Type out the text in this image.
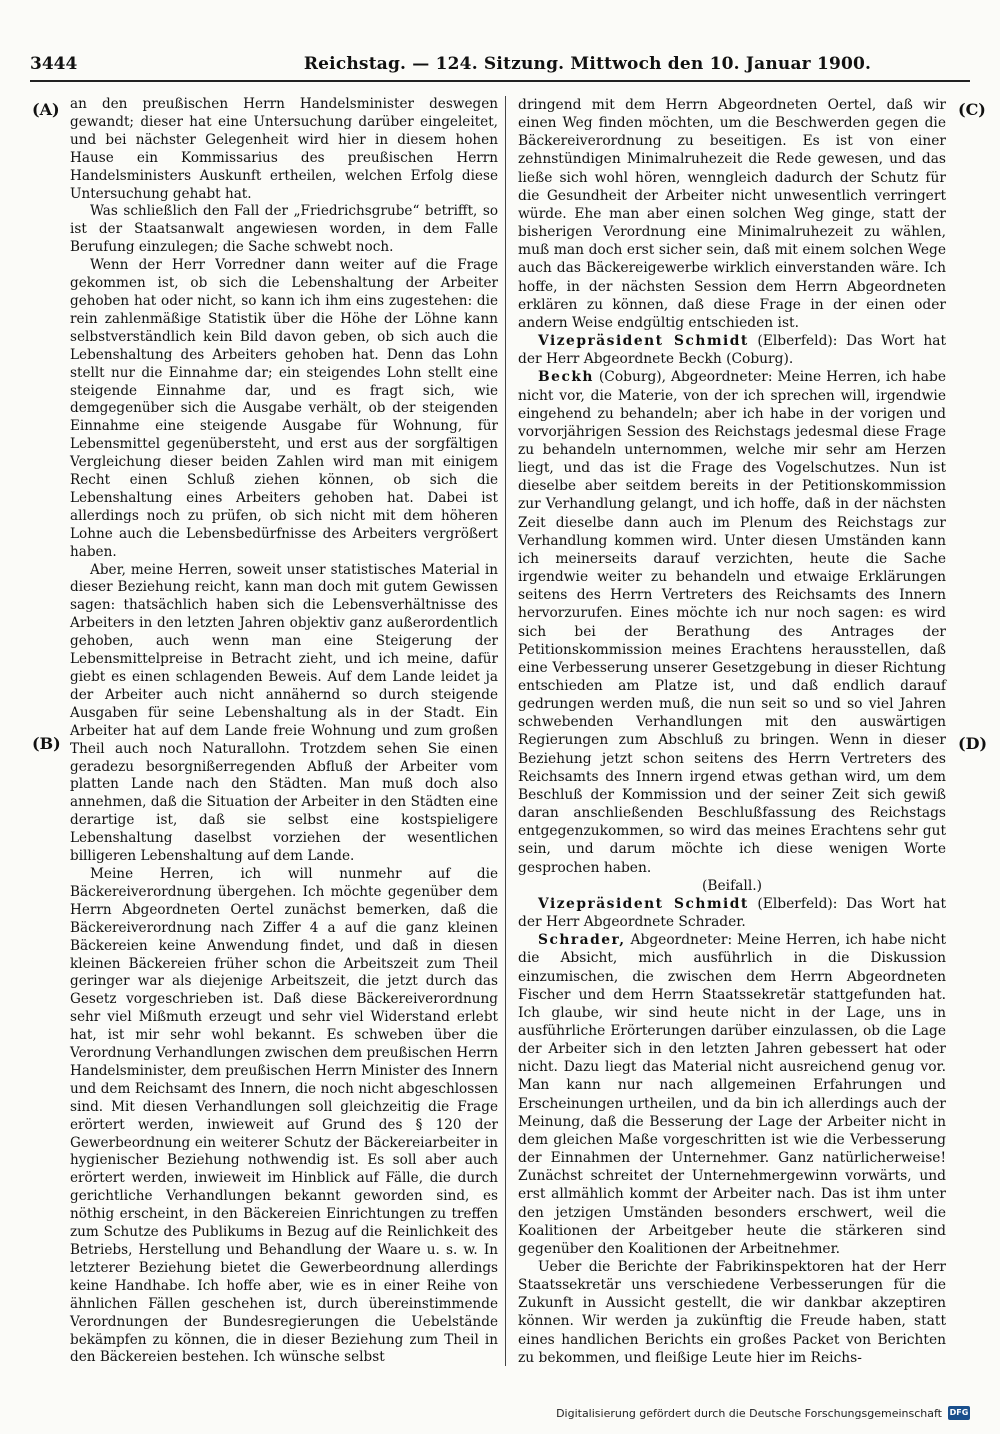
3444	Reichstag. — 124. Sitzung. Mittwoch den 10. Januar 1900.
(A)
(B)
(C)
(D)

an den preußischen Herrn Handelsminister deswegen gewandt; dieser hat eine Untersuchung darüber eingeleitet, und bei nächster Gelegenheit wird hier in diesem hohen Hause ein Kommissarius des preußischen Herrn Handelsministers Auskunft ertheilen, welchen Erfolg diese Untersuchung gehabt hat.

Was schließlich den Fall der „Friedrichsgrube“ betrifft, so ist der Staatsanwalt angewiesen worden, in dem Falle Berufung einzulegen; die Sache schwebt noch.

Wenn der Herr Vorredner dann weiter auf die Frage gekommen ist, ob sich die Lebenshaltung der Arbeiter gehoben hat oder nicht, so kann ich ihm eins zugestehen: die rein zahlenmäßige Statistik über die Höhe der Löhne kann selbstverständlich kein Bild davon geben, ob sich auch die Lebenshaltung des Arbeiters gehoben hat. Denn das Lohn stellt nur die Einnahme dar; ein steigendes Lohn stellt eine steigende Einnahme dar, und es fragt sich, wie demgegenüber sich die Ausgabe verhält, ob der steigenden Einnahme eine steigende Ausgabe für Wohnung, für Lebensmittel gegenübersteht, und erst aus der sorgfältigen Vergleichung dieser beiden Zahlen wird man mit einigem Recht einen Schluß ziehen können, ob sich die Lebenshaltung eines Arbeiters gehoben hat. Dabei ist allerdings noch zu prüfen, ob sich nicht mit dem höheren Lohne auch die Lebensbedürfnisse des Arbeiters vergrößert haben.

Aber, meine Herren, soweit unser statistisches Material in dieser Beziehung reicht, kann man doch mit gutem Gewissen sagen: thatsächlich haben sich die Lebensverhältnisse des Arbeiters in den letzten Jahren objektiv ganz außerordentlich gehoben, auch wenn man eine Steigerung der Lebensmittelpreise in Betracht zieht, und ich meine, dafür giebt es einen schlagenden Beweis. Auf dem Lande leidet ja der Arbeiter auch nicht annähernd so durch steigende Ausgaben für seine Lebenshaltung als in der Stadt. Ein Arbeiter hat auf dem Lande freie Wohnung und zum großen Theil auch noch Naturallohn. Trotzdem sehen Sie einen geradezu besorgnißerregenden Abfluß der Arbeiter vom platten Lande nach den Städten. Man muß doch also annehmen, daß die Situation der Arbeiter in den Städten eine derartige ist, daß sie selbst eine kostspieligere Lebenshaltung daselbst vorziehen der wesentlichen billigeren Lebenshaltung auf dem Lande.

Meine Herren, ich will nunmehr auf die Bäckereiverordnung übergehen. Ich möchte gegenüber dem Herrn Abgeordneten Oertel zunächst bemerken, daß die Bäckereiverordnung nach Ziffer 4 a auf die ganz kleinen Bäckereien keine Anwendung findet, und daß in diesen kleinen Bäckereien früher schon die Arbeitszeit zum Theil geringer war als diejenige Arbeitszeit, die jetzt durch das Gesetz vorgeschrieben ist. Daß diese Bäckereiverordnung sehr viel Mißmuth erzeugt und sehr viel Widerstand erlebt hat, ist mir sehr wohl bekannt. Es schweben über die Verordnung Verhandlungen zwischen dem preußischen Herrn Handelsminister, dem preußischen Herrn Minister des Innern und dem Reichsamt des Innern, die noch nicht abgeschlossen sind. Mit diesen Verhandlungen soll gleichzeitig die Frage erörtert werden, inwieweit auf Grund des § 120 der Gewerbeordnung ein weiterer Schutz der Bäckereiarbeiter in hygienischer Beziehung nothwendig ist. Es soll aber auch erörtert werden, inwieweit im Hinblick auf Fälle, die durch gerichtliche Verhandlungen bekannt geworden sind, es nöthig erscheint, in den Bäckereien Einrichtungen zu treffen zum Schutze des Publikums in Bezug auf die Reinlichkeit des Betriebs, Herstellung und Behandlung der Waare u. s. w. In letzterer Beziehung bietet die Gewerbeordnung allerdings keine Handhabe. Ich hoffe aber, wie es in einer Reihe von ähnlichen Fällen geschehen ist, durch übereinstimmende Verordnungen der Bundesregierungen die Uebelstände bekämpfen zu können, die in dieser Beziehung zum Theil in den Bäckereien bestehen. Ich wünsche selbst

dringend mit dem Herrn Abgeordneten Oertel, daß wir einen Weg finden möchten, um die Beschwerden gegen die Bäckereiverordnung zu beseitigen. Es ist von einer zehnstündigen Minimalruhezeit die Rede gewesen, und das ließe sich wohl hören, wenngleich dadurch der Schutz für die Gesundheit der Arbeiter nicht unwesentlich verringert würde. Ehe man aber einen solchen Weg ginge, statt der bisherigen Verordnung eine Minimalruhezeit zu wählen, muß man doch erst sicher sein, daß mit einem solchen Wege auch das Bäckereigewerbe wirklich einverstanden wäre. Ich hoffe, in der nächsten Session dem Herrn Abgeordneten erklären zu können, daß diese Frage in der einen oder andern Weise endgültig entschieden ist.

Vizepräsident Schmidt (Elberfeld): Das Wort hat der Herr Abgeordnete Beckh (Coburg).

Beckh (Coburg), Abgeordneter: Meine Herren, ich habe nicht vor, die Materie, von der ich sprechen will, irgendwie eingehend zu behandeln; aber ich habe in der vorigen und vorvorjährigen Session des Reichstags jedesmal diese Frage zu behandeln unternommen, welche mir sehr am Herzen liegt, und das ist die Frage des Vogelschutzes. Nun ist dieselbe aber seitdem bereits in der Petitionskommission zur Verhandlung gelangt, und ich hoffe, daß in der nächsten Zeit dieselbe dann auch im Plenum des Reichstags zur Verhandlung kommen wird. Unter diesen Umständen kann ich meinerseits darauf verzichten, heute die Sache irgendwie weiter zu behandeln und etwaige Erklärungen seitens des Herrn Vertreters des Reichsamts des Innern hervorzurufen. Eines möchte ich nur noch sagen: es wird sich bei der Berathung des Antrages der Petitionskommission meines Erachtens herausstellen, daß eine Verbesserung unserer Gesetzgebung in dieser Richtung entschieden am Platze ist, und daß endlich darauf gedrungen werden muß, die nun seit so und so viel Jahren schwebenden Verhandlungen mit den auswärtigen Regierungen zum Abschluß zu bringen. Wenn in dieser Beziehung jetzt schon seitens des Herrn Vertreters des Reichsamts des Innern irgend etwas gethan wird, um dem Beschluß der Kommission und der seiner Zeit sich gewiß daran anschließenden Beschlußfassung des Reichstags entgegenzukommen, so wird das meines Erachtens sehr gut sein, und darum möchte ich diese wenigen Worte gesprochen haben.

(Beifall.)

Vizepräsident Schmidt (Elberfeld): Das Wort hat der Herr Abgeordnete Schrader.

Schrader, Abgeordneter: Meine Herren, ich habe nicht die Absicht, mich ausführlich in die Diskussion einzumischen, die zwischen dem Herrn Abgeordneten Fischer und dem Herrn Staatssekretär stattgefunden hat. Ich glaube, wir sind heute nicht in der Lage, uns in ausführliche Erörterungen darüber einzulassen, ob die Lage der Arbeiter sich in den letzten Jahren gebessert hat oder nicht. Dazu liegt das Material nicht ausreichend genug vor. Man kann nur nach allgemeinen Erfahrungen und Erscheinungen urtheilen, und da bin ich allerdings auch der Meinung, daß die Besserung der Lage der Arbeiter nicht in dem gleichen Maße vorgeschritten ist wie die Verbesserung der Einnahmen der Unternehmer. Ganz natürlicherweise! Zunächst schreitet der Unternehmergewinn vorwärts, und erst allmählich kommt der Arbeiter nach. Das ist ihm unter den jetzigen Umständen besonders erschwert, weil die Koalitionen der Arbeitgeber heute die stärkeren sind gegenüber den Koalitionen der Arbeitnehmer.

Ueber die Berichte der Fabrikinspektoren hat der Herr Staatssekretär uns verschiedene Verbesserungen für die Zukunft in Aussicht gestellt, die wir dankbar akzeptiren können. Wir werden ja zukünftig die Freude haben, statt eines handlichen Berichts ein großes Packet von Berichten zu bekommen, und fleißige Leute hier im Reichs-

Digitalisierung gefördert durch die Deutsche Forschungsgemeinschaft DFG
